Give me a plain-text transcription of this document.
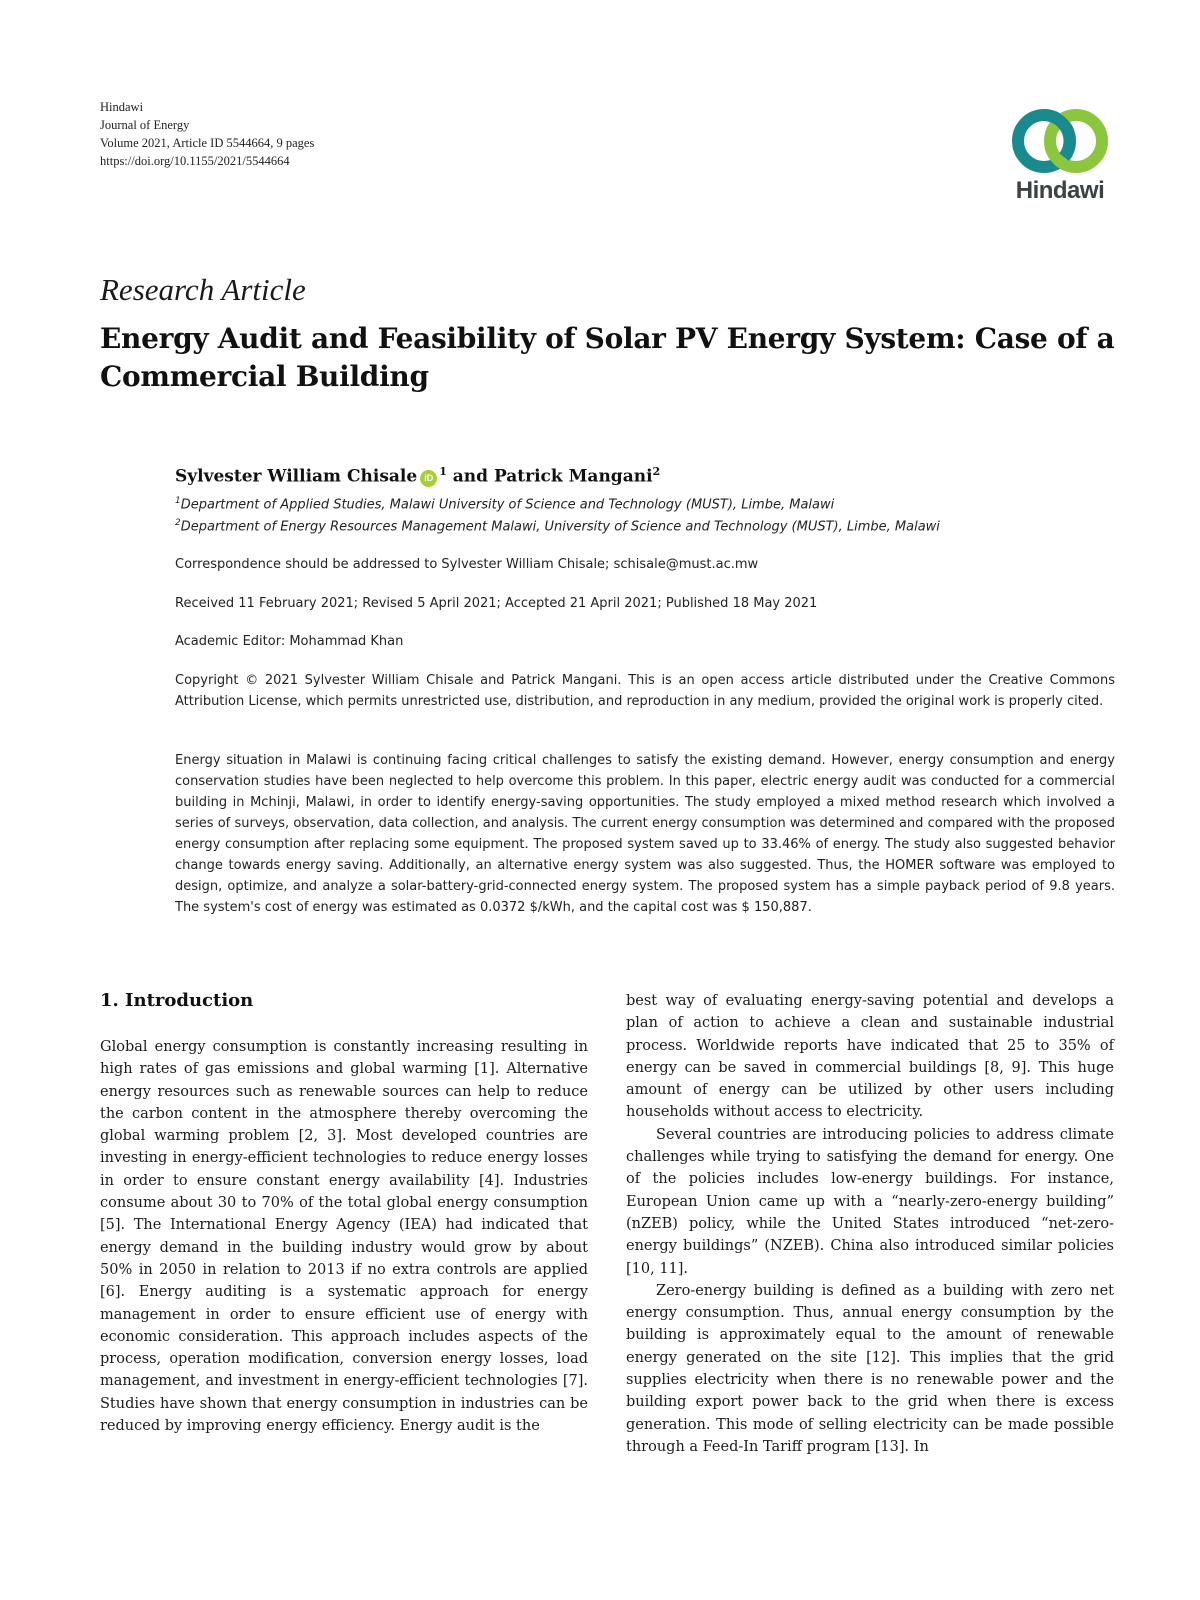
Hindawi
Journal of Energy
Volume 2021, Article ID 5544664, 9 pages
https://doi.org/10.1155/2021/5544664
Hindawi
Research Article
Energy Audit and Feasibility of Solar PV Energy System: Case of a Commercial Building
Sylvester William Chisale iD $^1$ and Patrick Mangani$^2$
$^1$Department of Applied Studies, Malawi University of Science and Technology (MUST), Limbe, Malawi
$^2$Department of Energy Resources Management Malawi, University of Science and Technology (MUST), Limbe, Malawi
Correspondence should be addressed to Sylvester William Chisale; schisale@must.ac.mw
Received 11 February 2021; Revised 5 April 2021; Accepted 21 April 2021; Published 18 May 2021
Academic Editor: Mohammad Khan
Copyright © 2021 Sylvester William Chisale and Patrick Mangani. This is an open access article distributed under the Creative Commons Attribution License, which permits unrestricted use, distribution, and reproduction in any medium, provided the original work is properly cited.
Energy situation in Malawi is continuing facing critical challenges to satisfy the existing demand. However, energy consumption and energy conservation studies have been neglected to help overcome this problem. In this paper, electric energy audit was conducted for a commercial building in Mchinji, Malawi, in order to identify energy-saving opportunities. The study employed a mixed method research which involved a series of surveys, observation, data collection, and analysis. The current energy consumption was determined and compared with the proposed energy consumption after replacing some equipment. The proposed system saved up to 33.46% of energy. The study also suggested behavior change towards energy saving. Additionally, an alternative energy system was also suggested. Thus, the HOMER software was employed to design, optimize, and analyze a solar-battery-grid-connected energy system. The proposed system has a simple payback period of 9.8 years. The system's cost of energy was estimated as 0.0372 $/kWh, and the capital cost was $ 150,887.
1. Introduction

Global energy consumption is constantly increasing resulting in high rates of gas emissions and global warming [1]. Alternative energy resources such as renewable sources can help to reduce the carbon content in the atmosphere thereby overcoming the global warming problem [2, 3]. Most developed countries are investing in energy-efficient technologies to reduce energy losses in order to ensure constant energy availability [4]. Industries consume about 30 to 70% of the total global energy consumption [5]. The International Energy Agency (IEA) had indicated that energy demand in the building industry would grow by about 50% in 2050 in relation to 2013 if no extra controls are applied [6]. Energy auditing is a systematic approach for energy management in order to ensure efficient use of energy with economic consideration. This approach includes aspects of the process, operation modification, conversion energy losses, load management, and investment in energy-efficient technologies [7]. Studies have shown that energy consumption in industries can be reduced by improving energy efficiency. Energy audit is the

best way of evaluating energy-saving potential and develops a plan of action to achieve a clean and sustainable industrial process. Worldwide reports have indicated that 25 to 35% of energy can be saved in commercial buildings [8, 9]. This huge amount of energy can be utilized by other users including households without access to electricity.

Several countries are introducing policies to address climate challenges while trying to satisfying the demand for energy. One of the policies includes low-energy buildings. For instance, European Union came up with a “nearly-zero-energy building” (nZEB) policy, while the United States introduced “net-zero-energy buildings” (NZEB). China also introduced similar policies [10, 11].

Zero-energy building is defined as a building with zero net energy consumption. Thus, annual energy consumption by the building is approximately equal to the amount of renewable energy generated on the site [12]. This implies that the grid supplies electricity when there is no renewable power and the building export power back to the grid when there is excess generation. This mode of selling electricity can be made possible through a Feed-In Tariff program [13]. In
